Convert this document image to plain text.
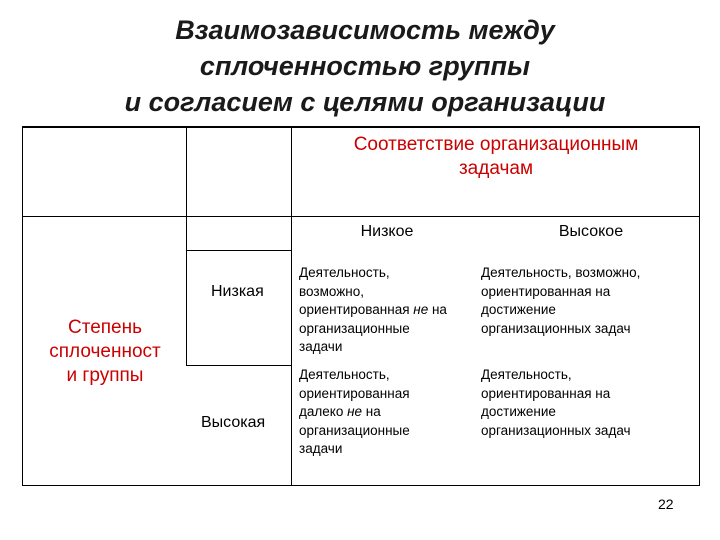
Взаимозависимость между
сплоченностью группы
и согласием с целями организации
Соответствие организационным
задачам
Низкое	Высокое
Степень
сплоченност
и группы
Низкая
Высокая
Деятельность,
возможно,
ориентированная не на
организационные
задачи
Деятельность, возможно,
ориентированная на
достижение
организационных задач
Деятельность,
ориентированная
далеко не на
организационные
задачи
Деятельность,
ориентированная на
достижение
организационных задач
22
